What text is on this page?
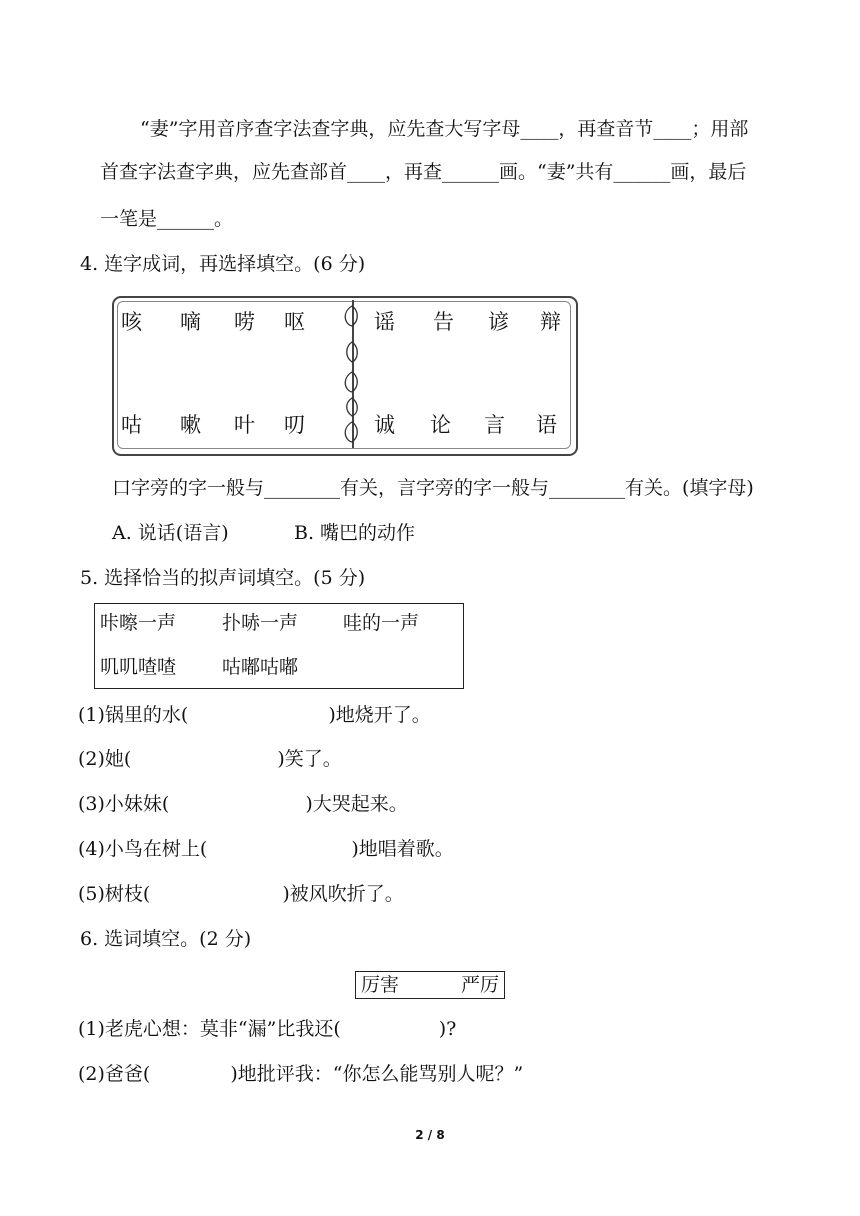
“妻”字用音序查字法查字典，应先查大写字母____，再查音节____；用部
首查字法查字典，应先查部首____，再查______画。“妻”共有______画，最后
一笔是______。
4. 连字成词，再选择填空。(6 分)
咳 嘀 唠 呕
咕 嗽 叶 叨
谣 告 谚 辩
诚 论 言 语
口字旁的字一般与________有关，言字旁的字一般与________有关。(填字母)
A. 说话(语言)	B. 嘴巴的动作
5. 选择恰当的拟声词填空。(5 分)
咔嚓一声 扑哧一声 哇的一声
叽叽喳喳 咕嘟咕嘟
(1)锅里的水(	)地烧开了。
(2)她(	)笑了。
(3)小妹妹(	)大哭起来。
(4)小鸟在树上(	)地唱着歌。
(5)树枝(	)被风吹折了。
6. 选词填空。(2 分)
厉害	严厉
(1)老虎心想：莫非“漏”比我还(	)?
(2)爸爸(	)地批评我：“你怎么能骂别人呢？”
2 / 8
